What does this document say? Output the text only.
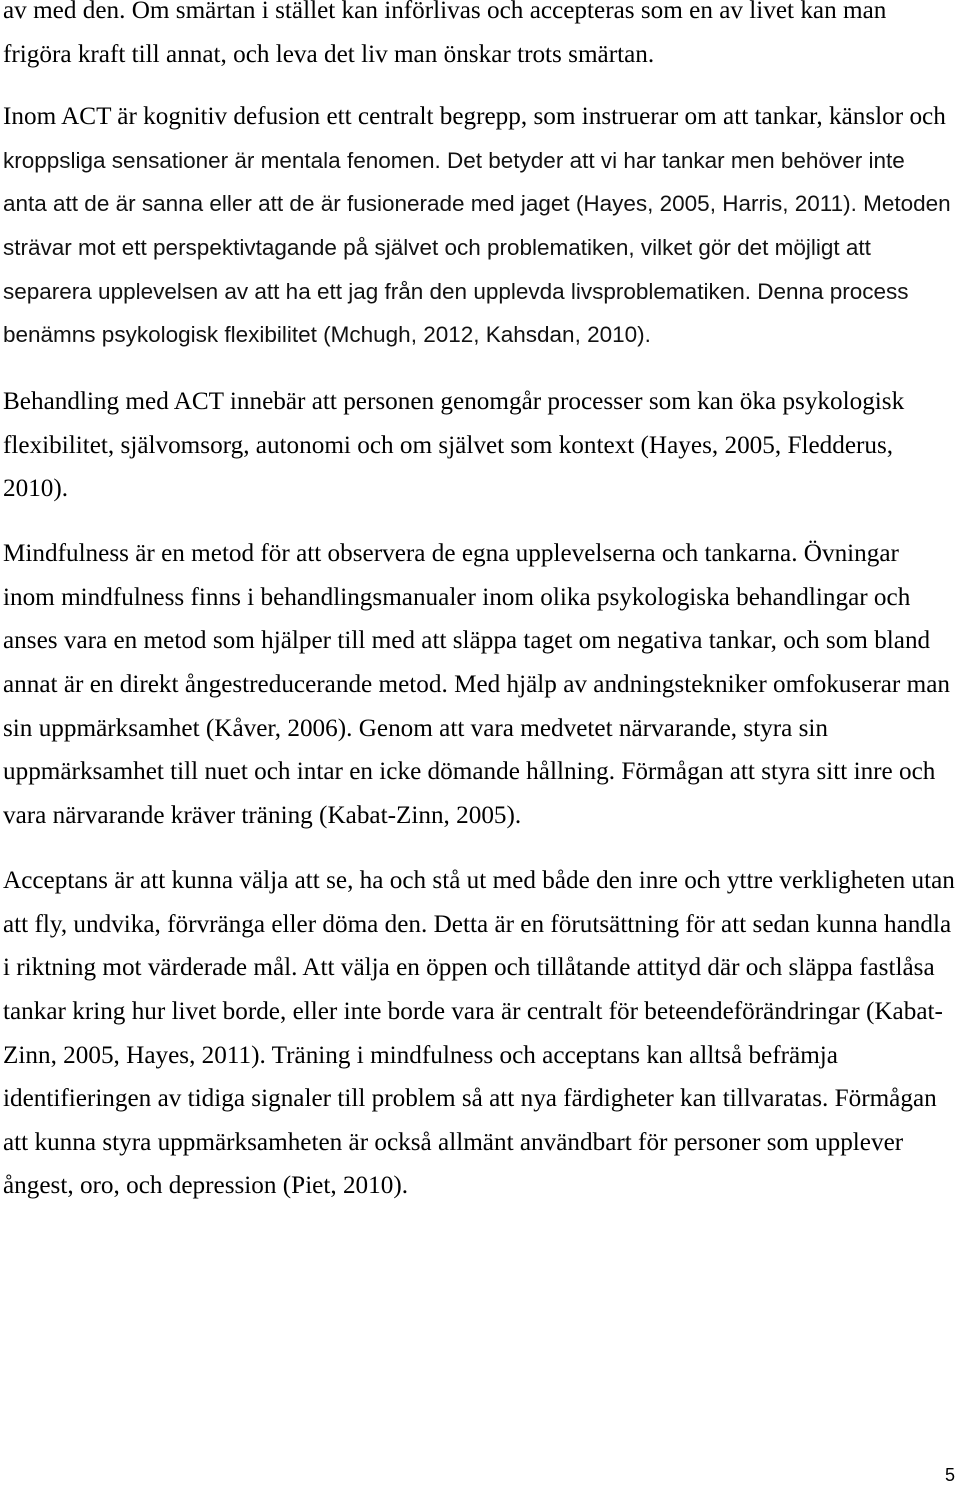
av med den. Om smärtan i stället kan införlivas och accepteras som en av livet kan man
frigöra kraft till annat, och leva det liv man önskar trots smärtan.
Inom ACT är kognitiv defusion ett centralt begrepp, som instruerar om att tankar, känslor och
kroppsliga sensationer är mentala fenomen. Det betyder att vi har tankar men behöver inte
anta att de är sanna eller att de är fusionerade med jaget (Hayes, 2005, Harris, 2011). Metoden
strävar mot ett perspektivtagande på självet och problematiken, vilket gör det möjligt att
separera upplevelsen av att ha ett jag från den upplevda livsproblematiken. Denna process
benämns psykologisk flexibilitet (Mchugh, 2012, Kahsdan, 2010).
Behandling med ACT innebär att personen genomgår processer som kan öka psykologisk
flexibilitet, självomsorg, autonomi och om självet som kontext (Hayes, 2005, Fledderus,
2010).
Mindfulness är en metod för att observera de egna upplevelserna och tankarna. Övningar
inom mindfulness finns i behandlingsmanualer inom olika psykologiska behandlingar och
anses vara en metod som hjälper till med att släppa taget om negativa tankar, och som bland
annat är en direkt ångestreducerande metod. Med hjälp av andningstekniker omfokuserar man
sin uppmärksamhet (Kåver, 2006). Genom att vara medvetet närvarande, styra sin
uppmärksamhet till nuet och intar en icke dömande hållning. Förmågan att styra sitt inre och
vara närvarande kräver träning (Kabat-Zinn, 2005).
Acceptans är att kunna välja att se, ha och stå ut med både den inre och yttre verkligheten utan
att fly, undvika, förvränga eller döma den. Detta är en förutsättning för att sedan kunna handla
i riktning mot värderade mål. Att välja en öppen och tillåtande attityd där och släppa fastlåsa
tankar kring hur livet borde, eller inte borde vara är centralt för beteendeförändringar (Kabat-
Zinn, 2005, Hayes, 2011). Träning i mindfulness och acceptans kan alltså befrämja
identifieringen av tidiga signaler till problem så att nya färdigheter kan tillvaratas. Förmågan
att kunna styra uppmärksamheten är också allmänt användbart för personer som upplever
ångest, oro, och depression (Piet, 2010).
5
